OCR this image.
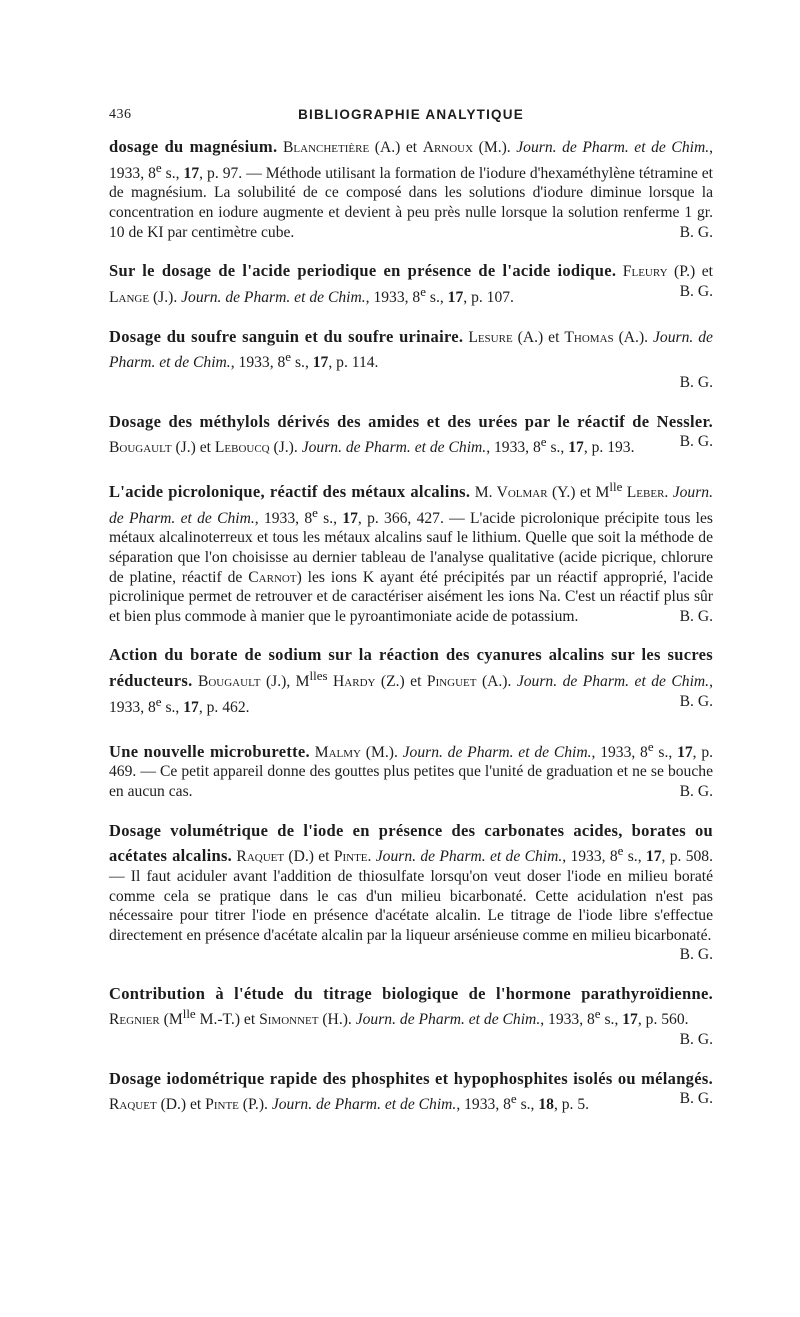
436	BIBLIOGRAPHIE ANALYTIQUE
dosage du magnésium. Blanchetière (A.) et Arnoux (M.). Journ. de Pharm. et de Chim., 1933, 8e s., 17, p. 97. — Méthode utilisant la formation de l'iodure d'hexaméthylène tétramine et de magnésium. La solubilité de ce composé dans les solutions d'iodure diminue lorsque la concentration en iodure augmente et devient à peu près nulle lorsque la solution renferme 1 gr. 10 de KI par centimètre cube.	B. G.
Sur le dosage de l'acide periodique en présence de l'acide iodique. Fleury (P.) et Lange (J.). Journ. de Pharm. et de Chim., 1933, 8e s., 17, p. 107.	B. G.
Dosage du soufre sanguin et du soufre urinaire. Lesure (A.) et Thomas (A.). Journ. de Pharm. et de Chim., 1933, 8e s., 17, p. 114.
B. G.
Dosage des méthylols dérivés des amides et des urées par le réactif de Nessler. Bougault (J.) et Leboucq (J.). Journ. de Pharm. et de Chim., 1933, 8e s., 17, p. 193.	B. G.
L'acide picrolonique, réactif des métaux alcalins. M. Volmar (Y.) et $M^{lle}$ Leber. Journ. de Pharm. et de Chim., 1933, 8e s., 17, p. 366, 427. — L'acide picrolonique précipite tous les métaux alcalinoterreux et tous les métaux alcalins sauf le lithium. Quelle que soit la méthode de séparation que l'on choisisse au dernier tableau de l'analyse qualitative (acide picrique, chlorure de platine, réactif de Carnot) les ions K ayant été précipités par un réactif approprié, l'acide picrolinique permet de retrouver et de caractériser aisément les ions Na. C'est un réactif plus sûr et bien plus commode à manier que le pyroantimoniate acide de potassium.	B. G.
Action du borate de sodium sur la réaction des cyanures alcalins sur les sucres réducteurs. Bougault (J.), $M^{lles}$ Hardy (Z.) et Pinguet (A.). Journ. de Pharm. et de Chim., 1933, 8e s., 17, p. 462.	B. G.
Une nouvelle microburette. Malmy (M.). Journ. de Pharm. et de Chim., 1933, 8e s., 17, p. 469. — Ce petit appareil donne des gouttes plus petites que l'unité de graduation et ne se bouche en aucun cas.	B. G.
Dosage volumétrique de l'iode en présence des carbonates acides, borates ou acétates alcalins. Raquet (D.) et Pinte. Journ. de Pharm. et de Chim., 1933, 8e s., 17, p. 508. — Il faut aciduler avant l'addition de thiosulfate lorsqu'on veut doser l'iode en milieu boraté comme cela se pratique dans le cas d'un milieu bicarbonaté. Cette acidulation n'est pas nécessaire pour titrer l'iode en présence d'acétate alcalin. Le titrage de l'iode libre s'effectue directement en présence d'acétate alcalin par la liqueur arsénieuse comme en milieu bicarbonaté.
B. G.
Contribution à l'étude du titrage biologique de l'hormone parathyroïdienne. Regnier ($M^{lle}$ M.-T.) et Simonnet (H.). Journ. de Pharm. et de Chim., 1933, 8e s., 17, p. 560.
B. G.
Dosage iodométrique rapide des phosphites et hypophosphites isolés ou mélangés. Raquet (D.) et Pinte (P.). Journ. de Pharm. et de Chim., 1933, 8e s., 18, p. 5.	B. G.
